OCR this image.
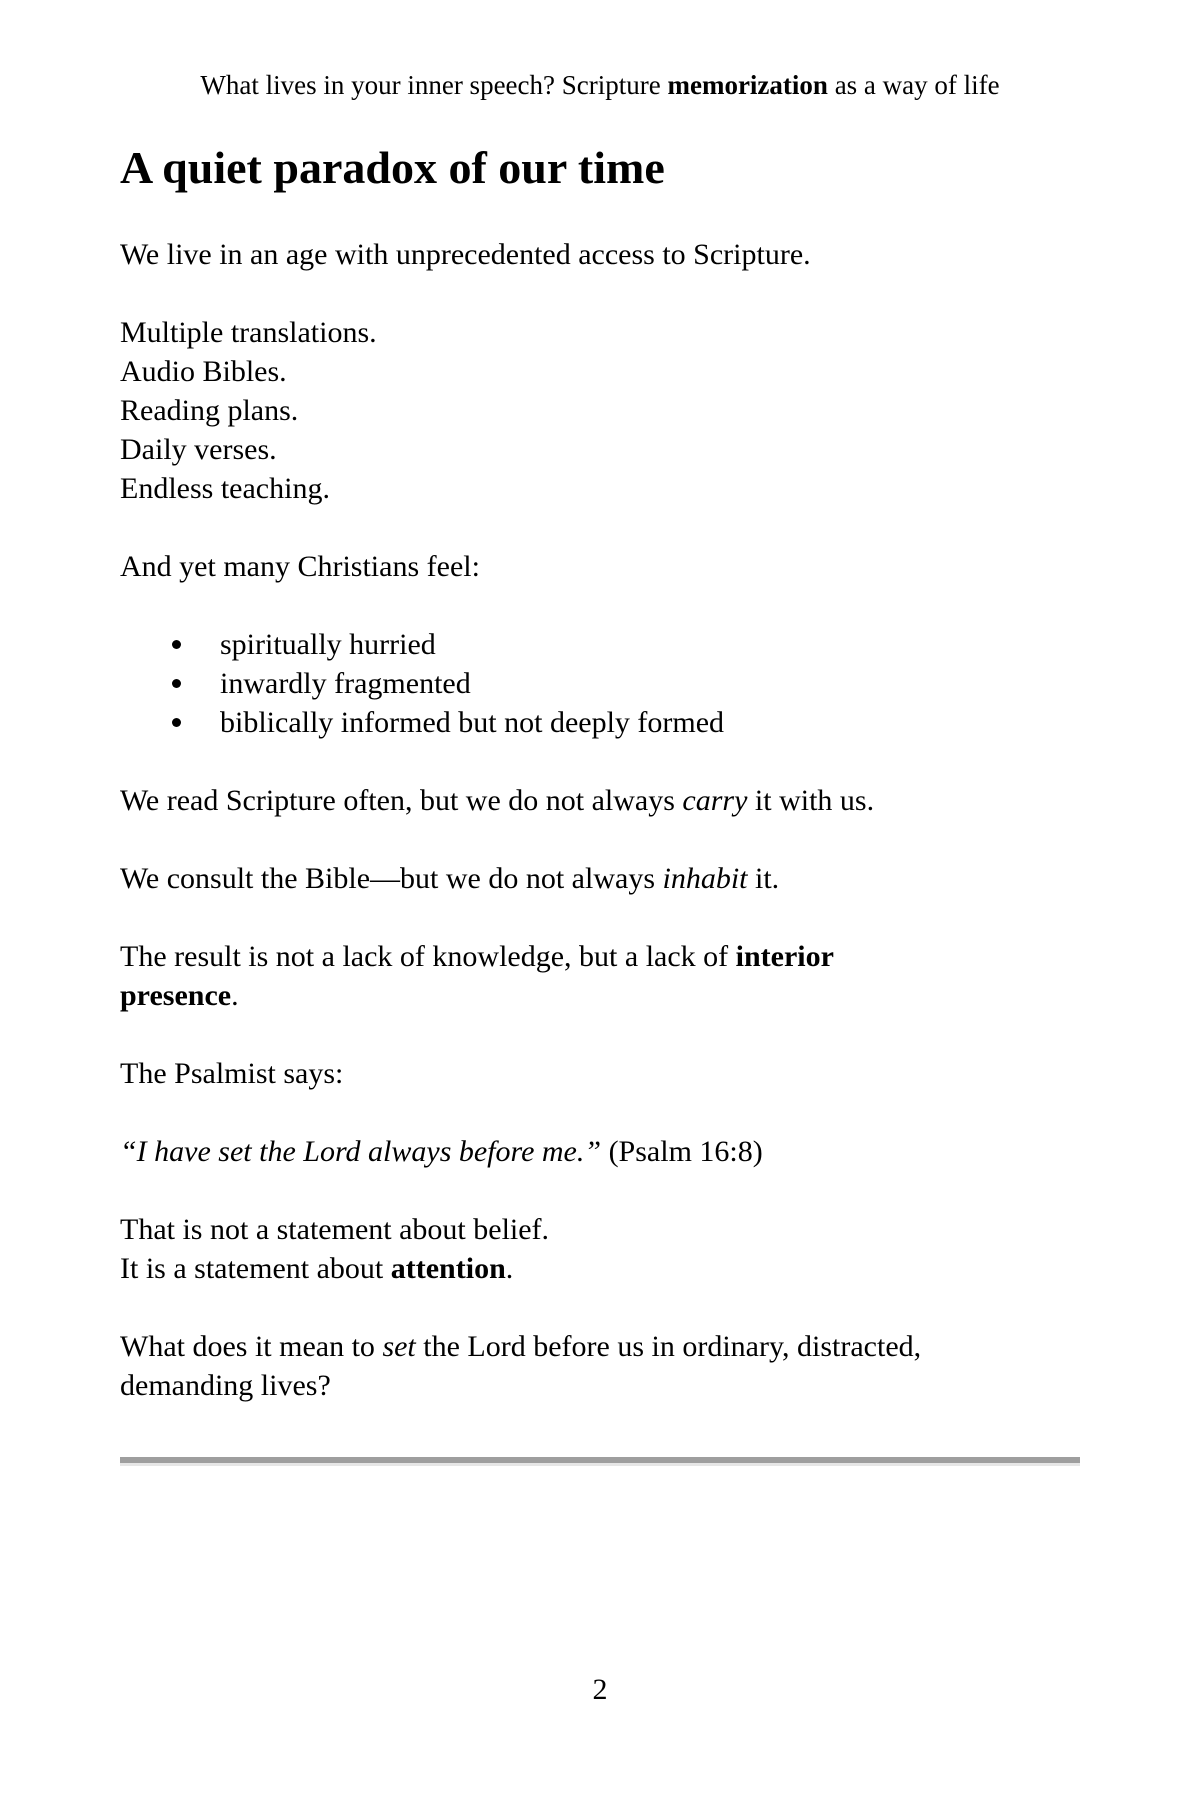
What lives in your inner speech? Scripture memorization as a way of life
A quiet paradox of our time

We live in an age with unprecedented access to Scripture.

Multiple translations.
Audio Bibles.
Reading plans.
Daily verses.
Endless teaching.

And yet many Christians feel:

spiritually hurried
inwardly fragmented
biblically informed but not deeply formed

We read Scripture often, but we do not always carry it with us.

We consult the Bible—but we do not always inhabit it.

The result is not a lack of knowledge, but a lack of interior
presence.

The Psalmist says:

“I have set the Lord always before me.” (Psalm 16:8)

That is not a statement about belief.
It is a statement about attention.

What does it mean to set the Lord before us in ordinary, distracted,
demanding lives?

2
